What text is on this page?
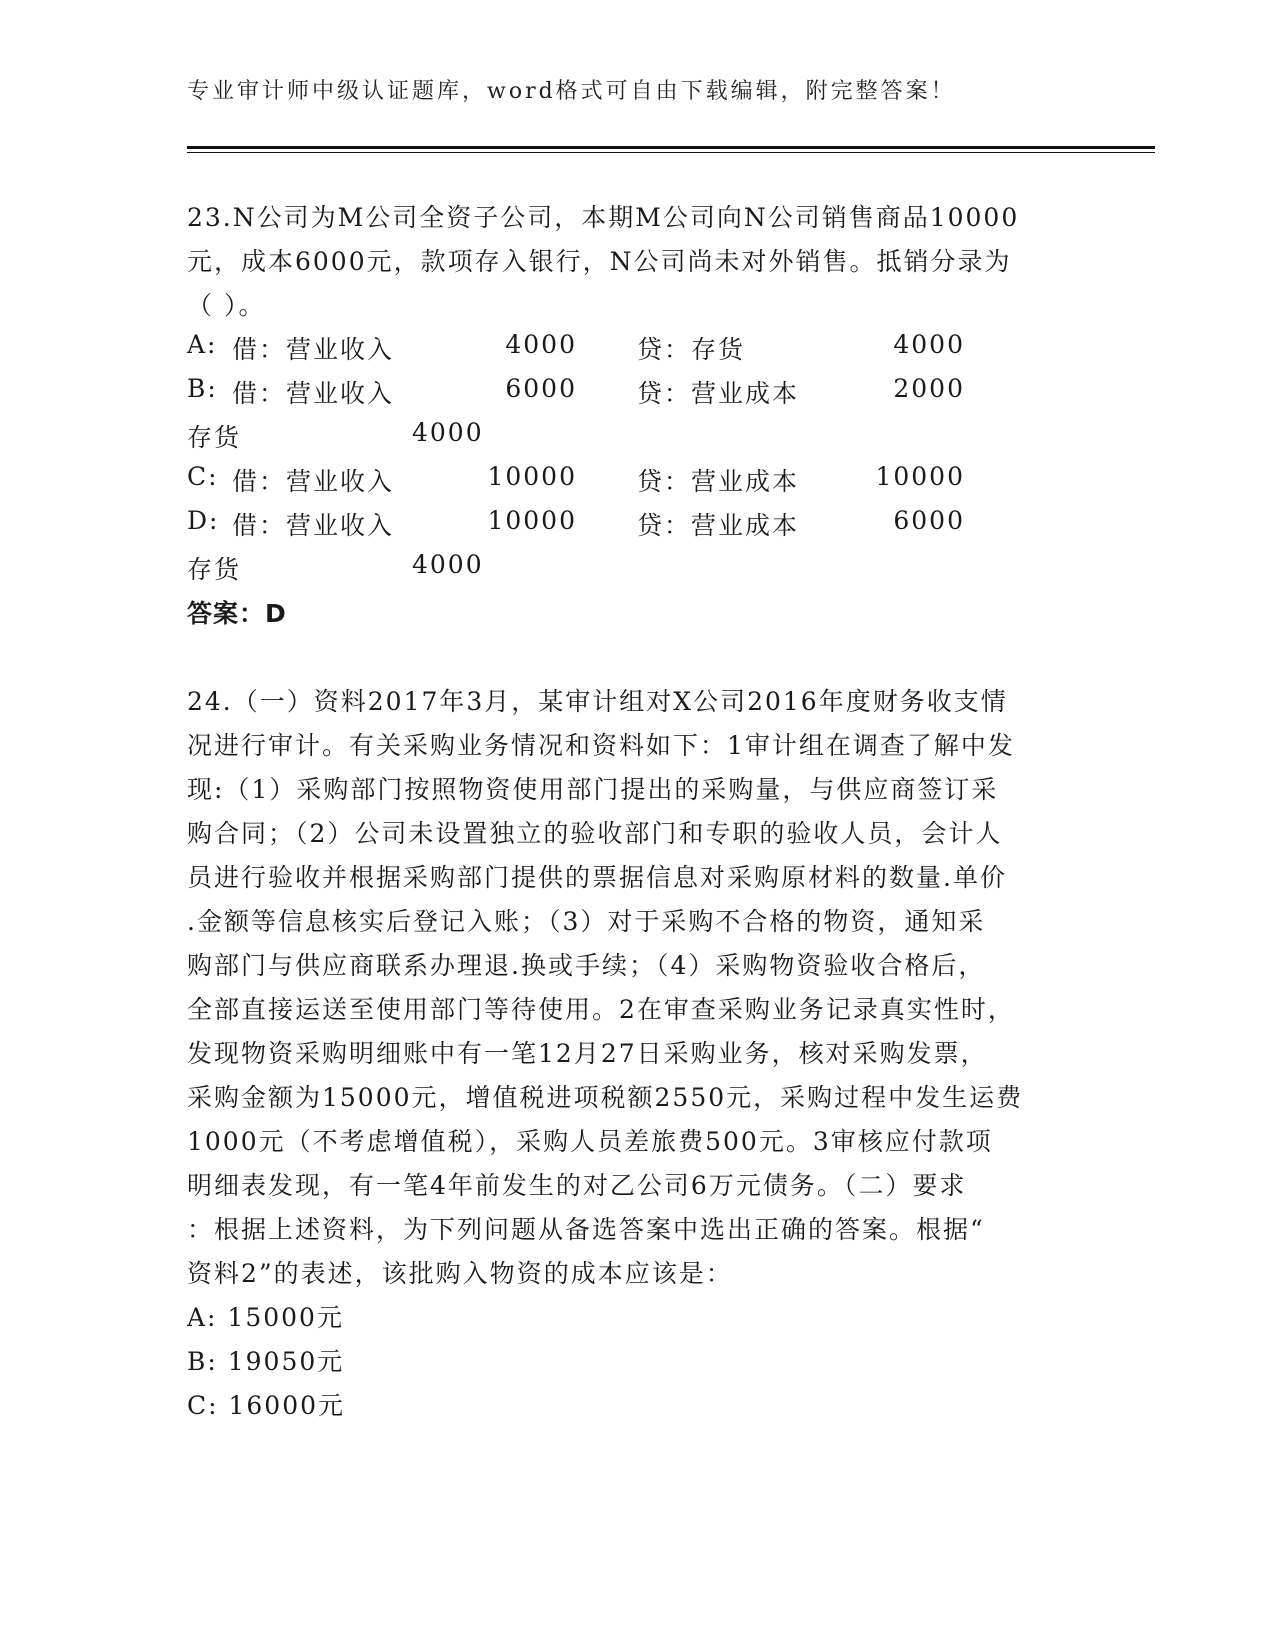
专业审计师中级认证题库，word格式可自由下载编辑，附完整答案！
23.N公司为M公司全资子公司，本期M公司向N公司销售商品10000
元，成本6000元，款项存入银行，N公司尚未对外销售。抵销分录为
（ ）。
A: 借：营业收入	4000 贷：存货	4000
B: 借：营业收入	6000 贷：营业成本	2000
存货	4000
C: 借：营业收入	10000 贷：营业成本	10000
D: 借：营业收入	10000 贷：营业成本	6000
存货	4000
答案：D
24.（一）资料2017年3月，某审计组对X公司2016年度财务收支情
况进行审计。有关采购业务情况和资料如下：1审计组在调查了解中发
现:（1）采购部门按照物资使用部门提出的采购量，与供应商签订采
购合同；（2）公司未设置独立的验收部门和专职的验收人员，会计人
员进行验收并根据采购部门提供的票据信息对采购原材料的数量.单价
.金额等信息核实后登记入账；（3）对于采购不合格的物资，通知采
购部门与供应商联系办理退.换或手续；（4）采购物资验收合格后，
全部直接运送至使用部门等待使用。2在审查采购业务记录真实性时，
发现物资采购明细账中有一笔12月27日采购业务，核对采购发票，
采购金额为15000元，增值税进项税额2550元，采购过程中发生运费
1000元（不考虑增值税），采购人员差旅费500元。3审核应付款项
明细表发现，有一笔4年前发生的对乙公司6万元债务。（二）要求
：根据上述资料，为下列问题从备选答案中选出正确的答案。根据“
资料2”的表述，该批购入物资的成本应该是：
A: 15000元
B: 19050元
C: 16000元
